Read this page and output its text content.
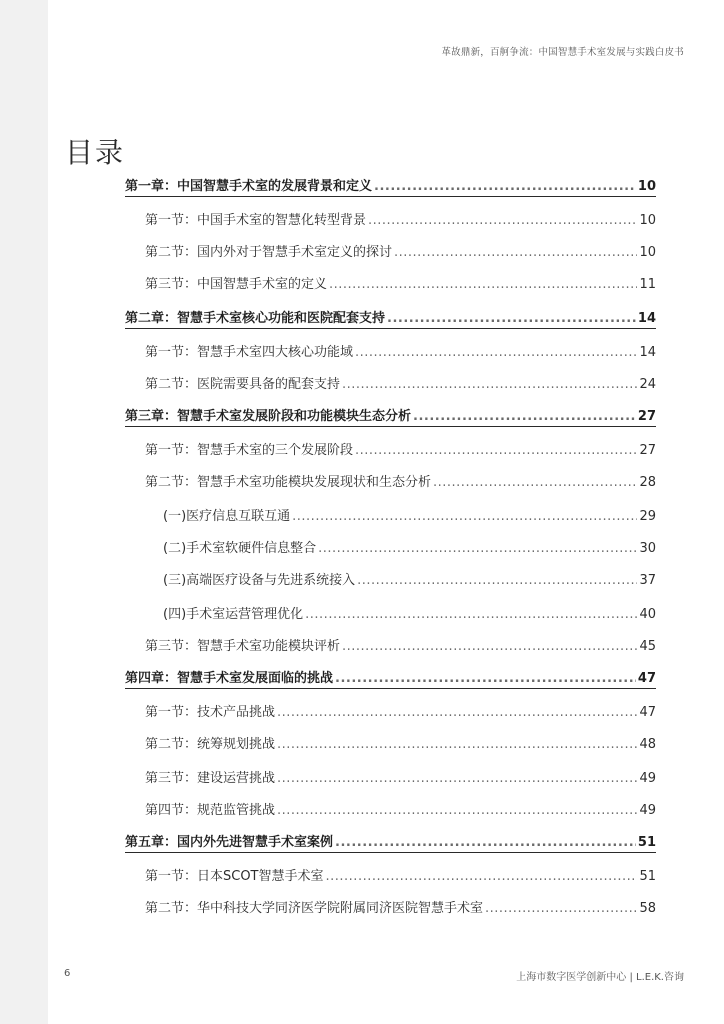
革故鼎新，百舸争流：中国智慧手术室发展与实践白皮书
目录
第一章：中国智慧手术室的发展背景和定义 .....	10
第一节：中国手术室的智慧化转型背景 .....	10
第二节：国内外对于智慧手术室定义的探讨 .....	10
第三节：中国智慧手术室的定义 .....	11
第二章：智慧手术室核心功能和医院配套支持 .....	14
第一节：智慧手术室四大核心功能域 .....	14
第二节：医院需要具备的配套支持 .....	24
第三章：智慧手术室发展阶段和功能模块生态分析 .....	27
第一节：智慧手术室的三个发展阶段 .....	27
第二节：智慧手术室功能模块发展现状和生态分析 .....	28
(一)医疗信息互联互通 .....	29
(二)手术室软硬件信息整合 .....	30
(三)高端医疗设备与先进系统接入 .....	37
(四)手术室运营管理优化 .....	40
第三节：智慧手术室功能模块评析 .....	45
第四章：智慧手术室发展面临的挑战 .....	47
第一节：技术产品挑战 .....	47
第二节：统筹规划挑战 .....	48
第三节：建设运营挑战 .....	49
第四节：规范监管挑战 .....	49
第五章：国内外先进智慧手术室案例 .....	51
第一节：日本SCOT智慧手术室 .....	51
第二节：华中科技大学同济医学院附属同济医院智慧手术室 .....	58
6	上海市数字医学创新中心 | L.E.K.咨询
